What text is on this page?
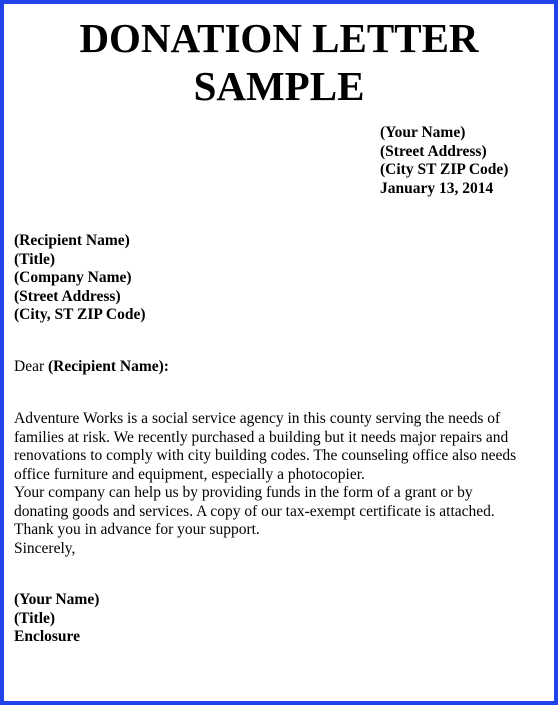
DONATION LETTER
SAMPLE
(Your Name)
(Street Address)
(City ST ZIP Code)
January 13, 2014
(Recipient Name)
(Title)
(Company Name)
(Street Address)
(City, ST ZIP Code)
Dear (Recipient Name):
Adventure Works is a social service agency in this county serving the needs of
families at risk. We recently purchased a building but it needs major repairs and
renovations to comply with city building codes. The counseling office also needs
office furniture and equipment, especially a photocopier.
Your company can help us by providing funds in the form of a grant or by
donating goods and services. A copy of our tax-exempt certificate is attached.
Thank you in advance for your support.
Sincerely,
(Your Name)
(Title)
Enclosure
